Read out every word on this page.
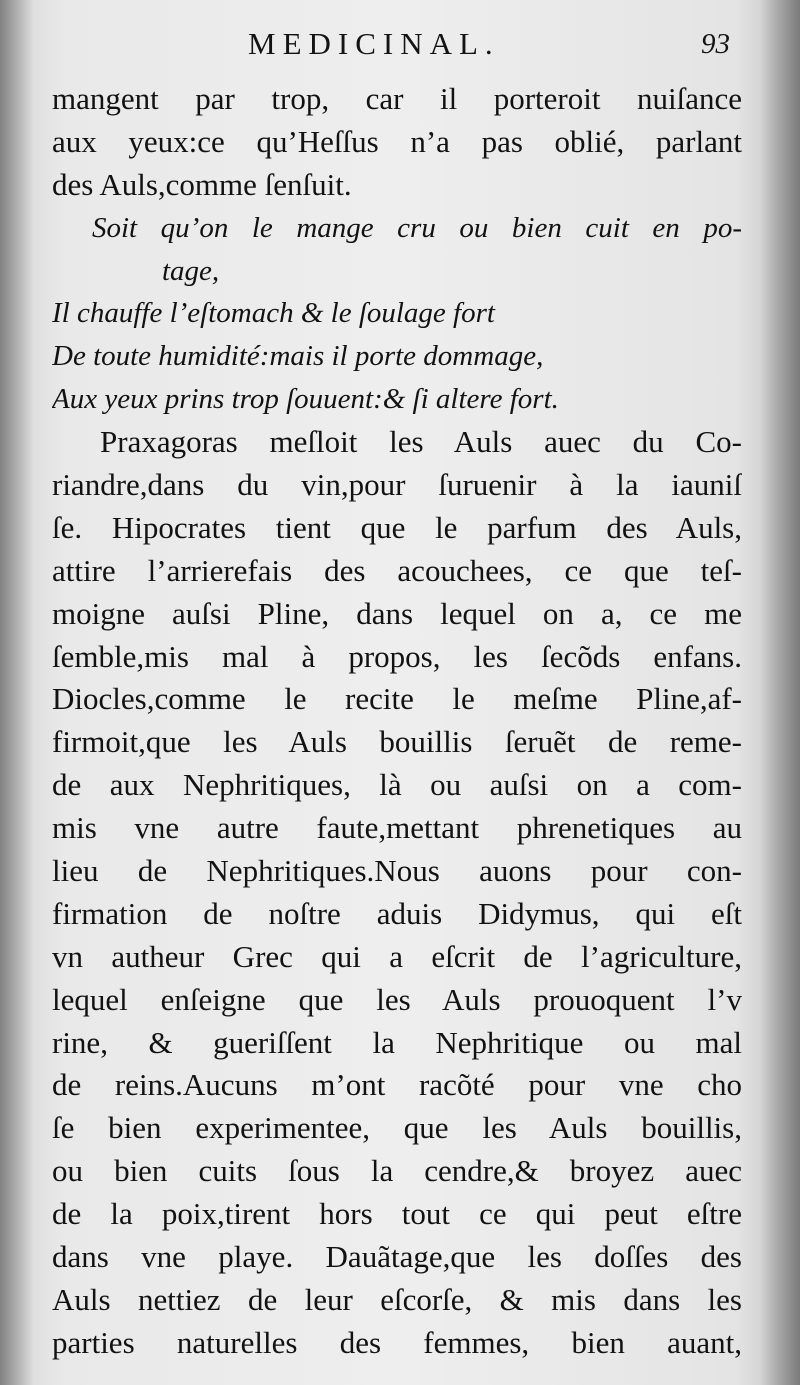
MEDICINAL.	93
mangent par trop, car il porteroit nuiſance
aux yeux:ce qu’Heſſus n’a pas oblié, parlant
des Auls,comme ſenſuit.
Soit qu’on le mange cru ou bien cuit en po-
tage,
Il chauffe l’eſtomach & le ſoulage fort
De toute humidité:mais il porte dommage,
Aux yeux prins trop ſouuent:& ſi altere fort.
Praxagoras meſloit les Auls auec du Co-
riandre,dans du vin,pour ſuruenir à la iauniſ
ſe. Hipocrates tient que le parfum des Auls,
attire l’arrierefais des acouchees, ce que teſ-
moigne auſsi Pline, dans lequel on a, ce me
ſemble,mis mal à propos, les ſecõds enfans.
Diocles,comme le recite le meſme Pline,af-
firmoit,que les Auls bouillis ſeruẽt de reme-
de aux Nephritiques, là ou auſsi on a com-
mis vne autre faute,mettant phrenetiques au
lieu de Nephritiques.Nous auons pour con-
firmation de noſtre aduis Didymus, qui eſt
vn autheur Grec qui a eſcrit de l’agriculture,
lequel enſeigne que les Auls prouoquent l’v
rine, & gueriſſent la Nephritique ou mal
de reins.Aucuns m’ont racõté pour vne cho
ſe bien experimentee, que les Auls bouillis,
ou bien cuits ſous la cendre,& broyez auec
de la poix,tirent hors tout ce qui peut eſtre
dans vne playe. Dauãtage,que les doſſes des
Auls nettiez de leur eſcorſe, & mis dans les
parties naturelles des femmes, bien auant,
